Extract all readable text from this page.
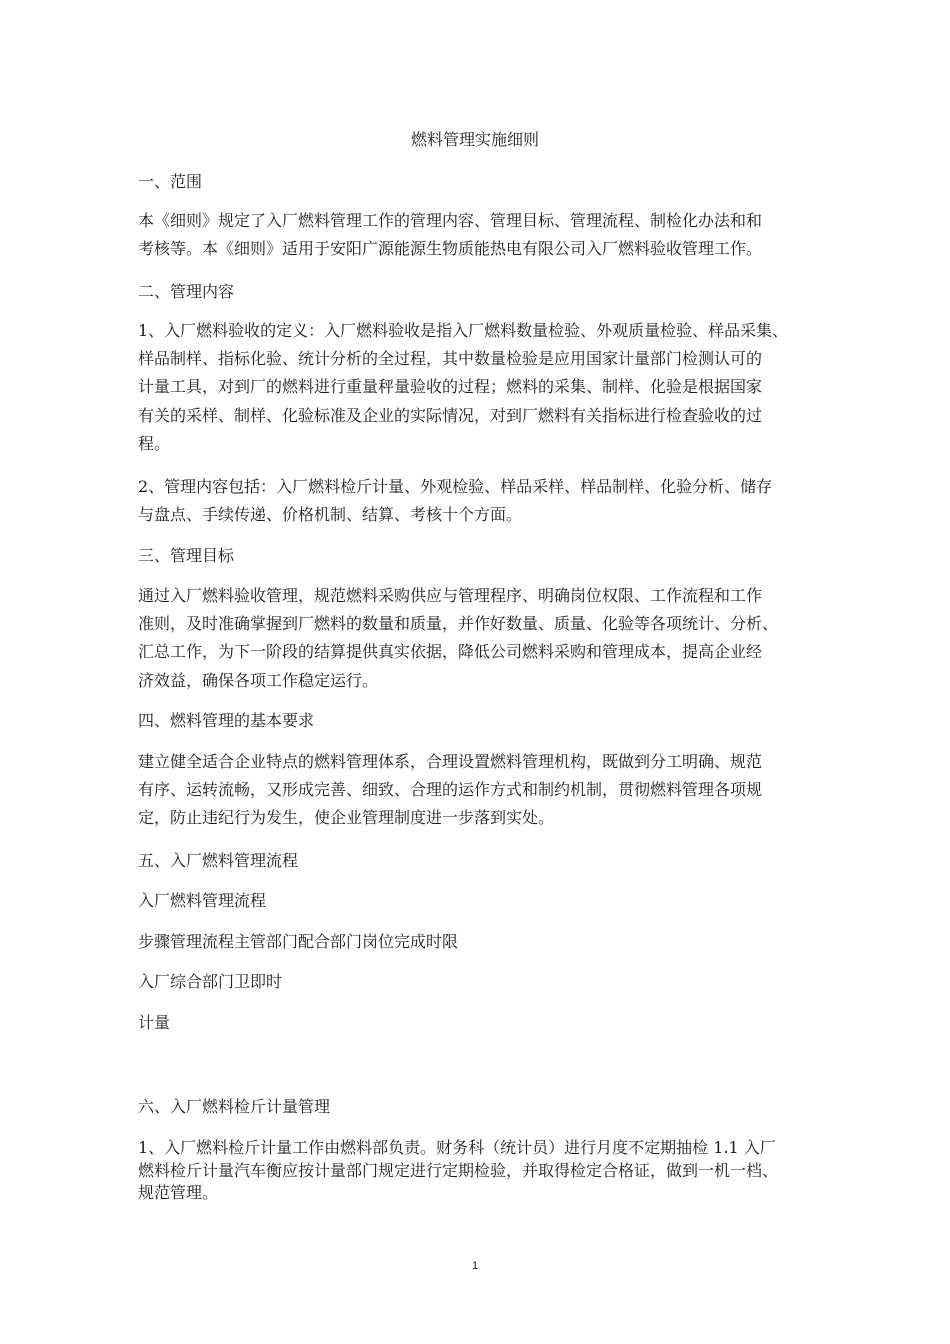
燃料管理实施细则
一、范围
本《细则》规定了入厂燃料管理工作的管理内容、管理目标、管理流程、制检化办法和和
考核等。本《细则》适用于安阳广源能源生物质能热电有限公司入厂燃料验收管理工作。
二、管理内容
1、入厂燃料验收的定义：入厂燃料验收是指入厂燃料数量检验、外观质量检验、样品采集、
样品制样、指标化验、统计分析的全过程，其中数量检验是应用国家计量部门检测认可的
计量工具，对到厂的燃料进行重量秤量验收的过程；燃料的采集、制样、化验是根据国家
有关的采样、制样、化验标准及企业的实际情况，对到厂燃料有关指标进行检查验收的过
程。
2、管理内容包括：入厂燃料检斤计量、外观检验、样品采样、样品制样、化验分析、储存
与盘点、手续传递、价格机制、结算、考核十个方面。
三、管理目标
通过入厂燃料验收管理，规范燃料采购供应与管理程序、明确岗位权限、工作流程和工作
准则，及时准确掌握到厂燃料的数量和质量，并作好数量、质量、化验等各项统计、分析、
汇总工作，为下一阶段的结算提供真实依据，降低公司燃料采购和管理成本，提高企业经
济效益，确保各项工作稳定运行。
四、燃料管理的基本要求
建立健全适合企业特点的燃料管理体系，合理设置燃料管理机构，既做到分工明确、规范
有序、运转流畅，又形成完善、细致、合理的运作方式和制约机制，贯彻燃料管理各项规
定，防止违纪行为发生，使企业管理制度进一步落到实处。
五、入厂燃料管理流程
入厂燃料管理流程
步骤管理流程主管部门配合部门岗位完成时限
入厂综合部门卫即时
计量
六、入厂燃料检斤计量管理
1、入厂燃料检斤计量工作由燃料部负责。财务科（统计员）进行月度不定期抽检 1.1 入厂
燃料检斤计量汽车衡应按计量部门规定进行定期检验，并取得检定合格证，做到一机一档、
规范管理。
1
